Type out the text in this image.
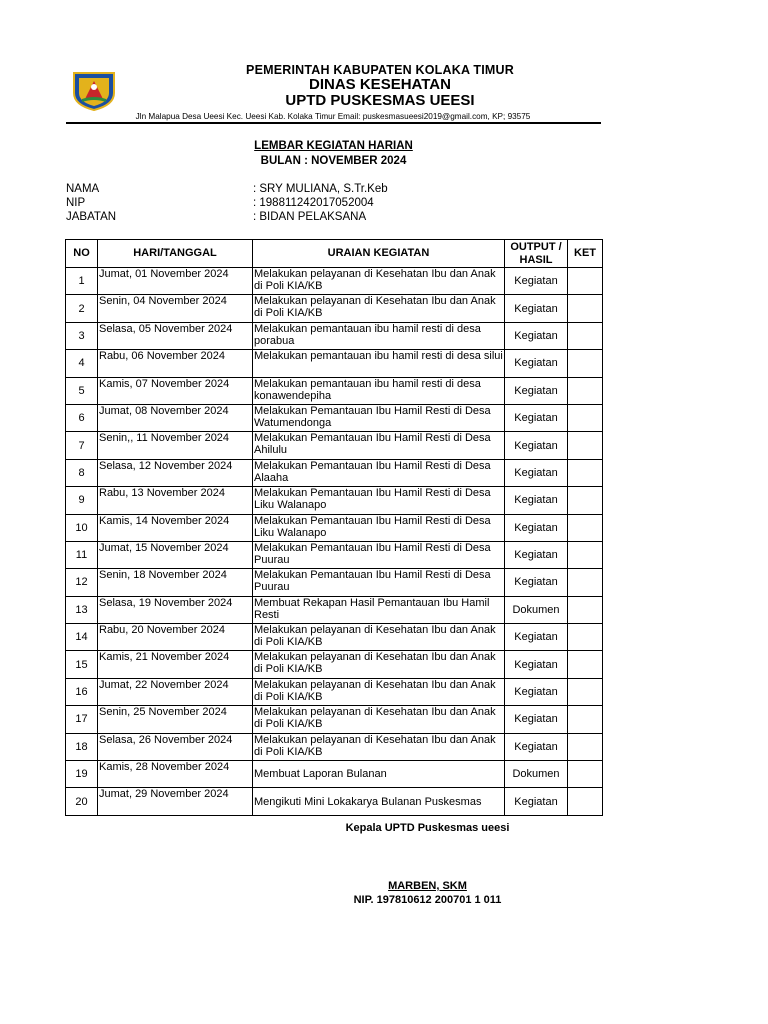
PEMERINTAH KABUPATEN KOLAKA TIMUR
DINAS KESEHATAN
UPTD PUSKESMAS UEESI
Jln Malapua Desa Ueesi Kec. Ueesi Kab. Kolaka Timur Email: puskesmasueesi2019@gmail.com, KP; 93575
LEMBAR KEGIATAN HARIAN
BULAN : NOVEMBER 2024
NAMA	: SRY MULIANA, S.Tr.Keb
NIP	: 198811242017052004
JABATAN	: BIDAN PELAKSANA
NO	HARI/TANGGAL	URAIAN KEGIATAN	OUTPUT / HASIL	KET
1	Jumat, 01 November 2024	Melakukan pelayanan di Kesehatan Ibu dan Anak di Poli KIA/KB	Kegiatan	
2	Senin, 04 November 2024	Melakukan pelayanan di Kesehatan Ibu dan Anak di Poli KIA/KB	Kegiatan	
3	Selasa, 05 November 2024	Melakukan pemantauan ibu hamil resti di desa porabua	Kegiatan	
4	Rabu, 06 November 2024	Melakukan pemantauan ibu hamil resti di desa silui	Kegiatan	
5	Kamis, 07 November 2024	Melakukan pemantauan ibu hamil resti di desa konawendepiha	Kegiatan	
6	Jumat, 08 November 2024	Melakukan Pemantauan Ibu Hamil Resti di Desa Watumendonga	Kegiatan	
7	Senin,, 11 November 2024	Melakukan Pemantauan Ibu Hamil Resti di Desa Ahilulu	Kegiatan	
8	Selasa, 12 November 2024	Melakukan Pemantauan Ibu Hamil Resti di Desa Alaaha	Kegiatan	
9	Rabu, 13 November 2024	Melakukan Pemantauan Ibu Hamil Resti di Desa Liku Walanapo	Kegiatan	
10	Kamis, 14 November 2024	Melakukan Pemantauan Ibu Hamil Resti di Desa Liku Walanapo	Kegiatan	
11	Jumat, 15 November 2024	Melakukan Pemantauan Ibu Hamil Resti di Desa Puurau	Kegiatan	
12	Senin, 18 November 2024	Melakukan Pemantauan Ibu Hamil Resti di Desa Puurau	Kegiatan	
13	Selasa, 19 November 2024	Membuat Rekapan Hasil Pemantauan Ibu Hamil Resti	Dokumen	
14	Rabu, 20 November 2024	Melakukan pelayanan di Kesehatan Ibu dan Anak di Poli KIA/KB	Kegiatan	
15	Kamis, 21 November 2024	Melakukan pelayanan di Kesehatan Ibu dan Anak di Poli KIA/KB	Kegiatan	
16	Jumat, 22 November 2024	Melakukan pelayanan di Kesehatan Ibu dan Anak di Poli KIA/KB	Kegiatan	
17	Senin, 25 November 2024	Melakukan pelayanan di Kesehatan Ibu dan Anak di Poli KIA/KB	Kegiatan	
18	Selasa, 26 November 2024	Melakukan pelayanan di Kesehatan Ibu dan Anak di Poli KIA/KB	Kegiatan	
19	Kamis, 28 November 2024	Membuat Laporan Bulanan	Dokumen	
20	Jumat, 29 November 2024	Mengikuti Mini Lokakarya Bulanan Puskesmas	Kegiatan	
Kepala UPTD Puskesmas ueesi
MARBEN, SKM
NIP. 197810612 200701 1 011
